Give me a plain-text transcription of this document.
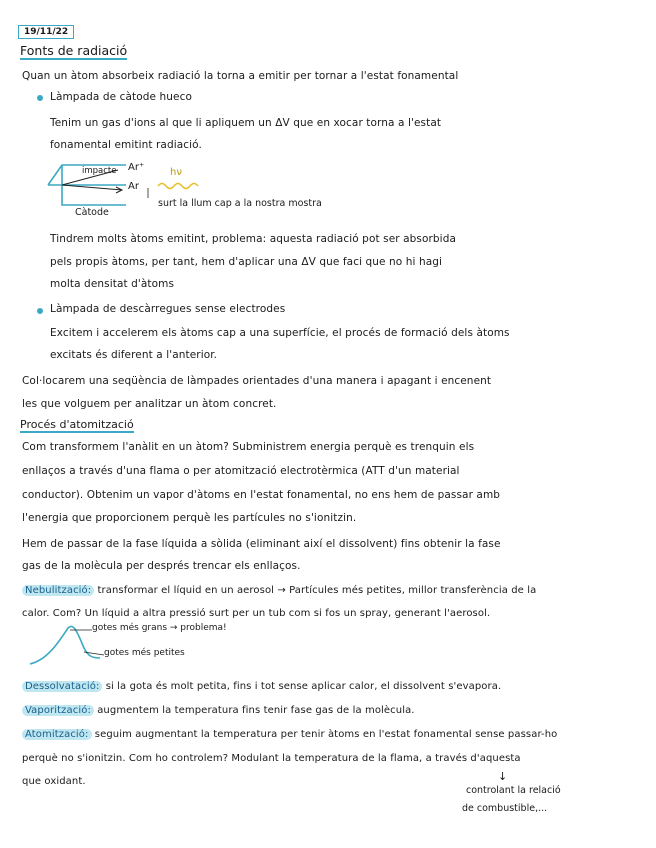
19/11/22
Fonts de radiació
Quan un àtom absorbeix radiació la torna a emitir per tornar a l'estat fonamental
Làmpada de càtode hueco
Tenim un gas d'ions al que li apliquem un ΔV que en xocar torna a l'estat
fonamental emitint radiació.
impacte Ar⁺
Ar
hν
surt la llum cap a la nostra mostra
Càtode
Tindrem molts àtoms emitint, problema: aquesta radiació pot ser absorbida
pels propis àtoms, per tant, hem d'aplicar una ΔV que faci que no hi hagi
molta densitat d'àtoms
Làmpada de descàrregues sense electrodes
Excitem i accelerem els àtoms cap a una superfície, el procés de formació dels àtoms
excitats és diferent a l'anterior.
Col·locarem una seqüència de làmpades orientades d'una manera i apagant i encenent
les que volguem per analitzar un àtom concret.
Procés d'atomització
Com transformem l'anàlit en un àtom? Subministrem energia perquè es trenquin els
enllaços a través d'una flama o per atomització electrotèrmica (ATT d'un material
conductor). Obtenim un vapor d'àtoms en l'estat fonamental, no ens hem de passar amb
l'energia que proporcionem perquè les partícules no s'ionitzin.
Hem de passar de la fase líquida a sòlida (eliminant així el dissolvent) fins obtenir la fase
gas de la molècula per després trencar els enllaços.
Nebulització: transformar el líquid en un aerosol → Partícules més petites, millor transferència de la
calor. Com? Un líquid a altra pressió surt per un tub com si fos un spray, generant l'aerosol.
gotes més grans → problema!
gotes més petites
Dessolvatació: si la gota és molt petita, fins i tot sense aplicar calor, el dissolvent s'evapora.
Vaporització: augmentem la temperatura fins tenir fase gas de la molècula.
Atomització: seguim augmentant la temperatura per tenir àtoms en l'estat fonamental sense passar-ho
perquè no s'ionitzin. Com ho controlem? Modulant la temperatura de la flama, a través d'aquesta
que oxidant.	↓
controlant la relació
de combustible,...
